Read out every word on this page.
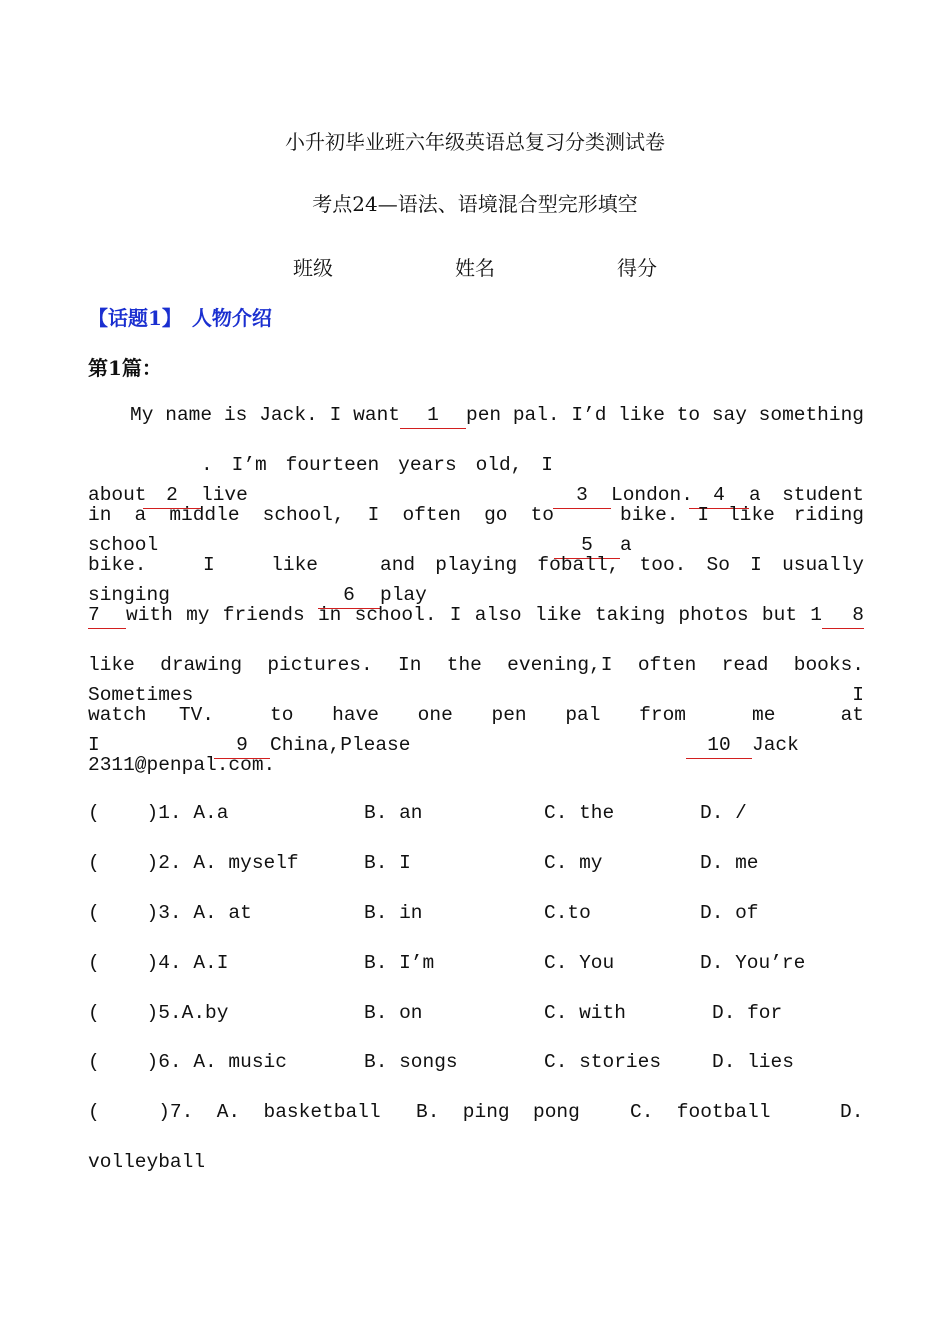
小升初毕业班六年级英语总复习分类测试卷
考点24—语法、语境混合型完形填空
班级	姓名	得分
【话题1】 人物介绍
第1篇：
My name is Jack. I want 1 pen pal. I’d like to say something
about 2. I’m fourteen years old, I live	3 London. 4 a student
in a middle school, I often go to school	5bike. I like riding a
bike. I like singing	6and playing foball, too. So I usually play
7 with my friends in school. I also like taking photos but 1 8
like drawing pictures. In the evening,I often read books. Sometimes I
watch TV. I	9to have one pen pal from China,Please	10me at Jack
2311@penpal.com.
(    )1. A.a	B. an	C. the	D. /
(    )2. A. myself	B. I	C. my	D. me
(    )3. A. at	B. in	C.to	D. of
(    )4. A.I	B. I’m	C. You	D. You’re
(    )5.A.by	B. on	C. with	D. for
(    )6. A. music	B. songs	C. stories	D. lies
(     )7.  A.  basketball B.  ping  pong	C.  football	D.
volleyball
